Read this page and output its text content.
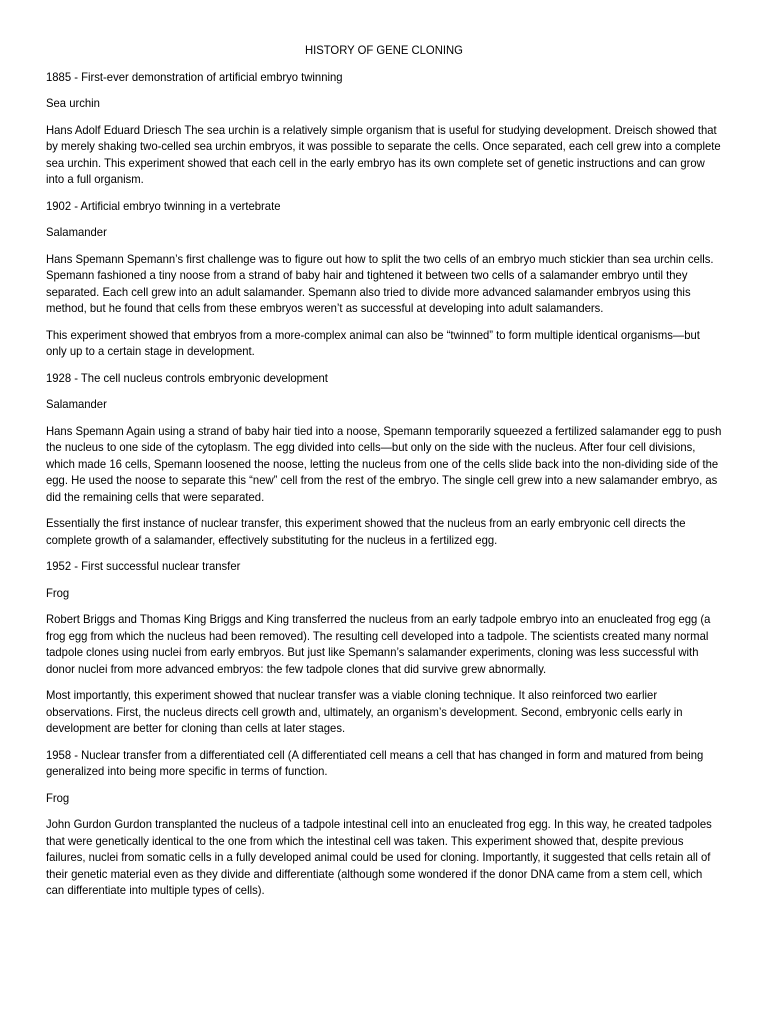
HISTORY OF GENE CLONING

1885 - First-ever demonstration of artificial embryo twinning

Sea urchin

Hans Adolf Eduard Driesch The sea urchin is a relatively simple organism that is useful for studying development. Dreisch showed that by merely shaking two-celled sea urchin embryos, it was possible to separate the cells. Once separated, each cell grew into a complete sea urchin. This experiment showed that each cell in the early embryo has its own complete set of genetic instructions and can grow into a full organism.

1902 - Artificial embryo twinning in a vertebrate

Salamander

Hans Spemann Spemann’s first challenge was to figure out how to split the two cells of an embryo much stickier than sea urchin cells. Spemann fashioned a tiny noose from a strand of baby hair and tightened it between two cells of a salamander embryo until they separated. Each cell grew into an adult salamander. Spemann also tried to divide more advanced salamander embryos using this method, but he found that cells from these embryos weren’t as successful at developing into adult salamanders.

This experiment showed that embryos from a more-complex animal can also be “twinned” to form multiple identical organisms—but only up to a certain stage in development.

1928 - The cell nucleus controls embryonic development

Salamander

Hans Spemann Again using a strand of baby hair tied into a noose, Spemann temporarily squeezed a fertilized salamander egg to push the nucleus to one side of the cytoplasm. The egg divided into cells—but only on the side with the nucleus. After four cell divisions, which made 16 cells, Spemann loosened the noose, letting the nucleus from one of the cells slide back into the non-dividing side of the egg. He used the noose to separate this “new” cell from the rest of the embryo. The single cell grew into a new salamander embryo, as did the remaining cells that were separated.

Essentially the first instance of nuclear transfer, this experiment showed that the nucleus from an early embryonic cell directs the complete growth of a salamander, effectively substituting for the nucleus in a fertilized egg.

1952 - First successful nuclear transfer

Frog

Robert Briggs and Thomas King Briggs and King transferred the nucleus from an early tadpole embryo into an enucleated frog egg (a frog egg from which the nucleus had been removed). The resulting cell developed into a tadpole. The scientists created many normal tadpole clones using nuclei from early embryos. But just like Spemann’s salamander experiments, cloning was less successful with donor nuclei from more advanced embryos: the few tadpole clones that did survive grew abnormally.

Most importantly, this experiment showed that nuclear transfer was a viable cloning technique. It also reinforced two earlier observations. First, the nucleus directs cell growth and, ultimately, an organism’s development. Second, embryonic cells early in development are better for cloning than cells at later stages.

1958 - Nuclear transfer from a differentiated cell (A differentiated cell means a cell that has changed in form and matured from being generalized into being more specific in terms of function.

Frog

John Gurdon Gurdon transplanted the nucleus of a tadpole intestinal cell into an enucleated frog egg. In this way, he created tadpoles that were genetically identical to the one from which the intestinal cell was taken. This experiment showed that, despite previous failures, nuclei from somatic cells in a fully developed animal could be used for cloning. Importantly, it suggested that cells retain all of their genetic material even as they divide and differentiate (although some wondered if the donor DNA came from a stem cell, which can differentiate into multiple types of cells).
